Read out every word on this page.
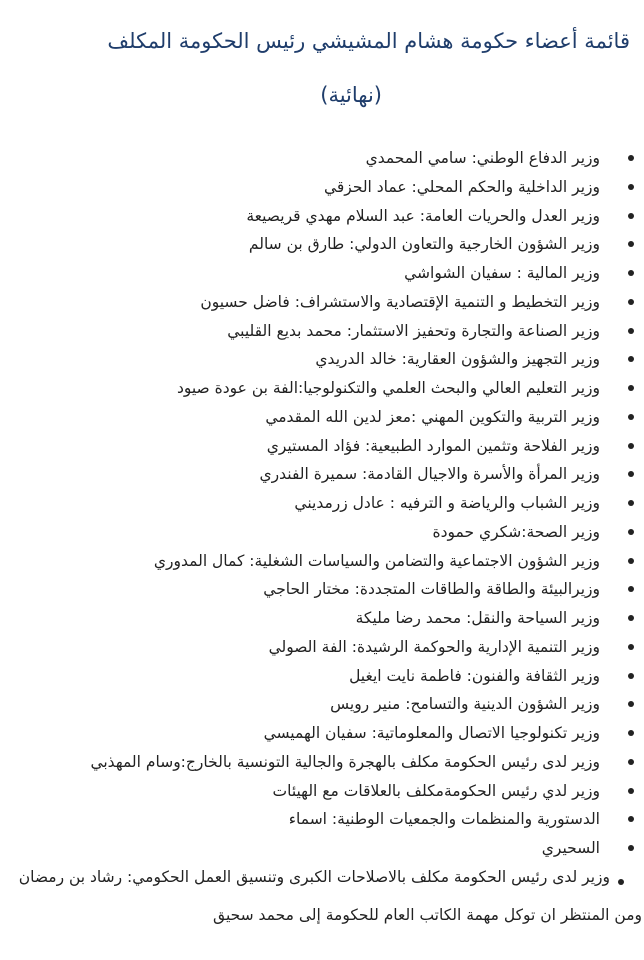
قائمة أعضاء حكومة هشام المشيشي رئيس الحكومة المكلف
(نهائية)
وزير الدفاع الوطني: سامي المحمدي
وزير الداخلية والحكم المحلي: عماد الحزقي
وزير العدل والحريات العامة: عبد السلام مهدي قريصيعة
وزير الشؤون الخارجية والتعاون الدولي: طارق بن سالم
وزير المالية : سفيان الشواشي
وزير التخطيط و التنمية الإقتصادية والاستشراف: فاضل حسيون
وزير الصناعة والتجارة وتحفيز الاستثمار: محمد بديع القليبي
وزير التجهيز والشؤون العقارية: خالد الدريدي
وزير التعليم العالي والبحث العلمي والتكنولوجيا:الفة بن عودة صيود
وزير التربية والتكوين المهني :معز لدين الله المقدمي
وزير الفلاحة وتثمين الموارد الطبيعية: فؤاد المستيري
وزير المرأة والأسرة والاجيال القادمة: سميرة الفندري
وزير الشباب والرياضة و الترفيه : عادل زرمديني
وزير الصحة:شكري حمودة
وزير الشؤون الاجتماعية والتضامن والسياسات الشغلية: كمال المدوري
وزيرالبيئة والطاقة والطاقات المتجددة: مختار الحاجي
وزير السياحة والنقل: محمد رضا مليكة
وزير التنمية الإدارية والحوكمة الرشيدة: الفة الصولي
وزير الثقافة والفنون: فاطمة نايت ايغيل
وزير الشؤون الدينية والتسامح: منير رويس
وزير تكنولوجيا الاتصال والمعلوماتية: سفيان الهميسي
وزير لدى رئيس الحكومة مكلف بالهجرة والجالية التونسية بالخارج:وسام المهذبي
وزير لدي رئيس الحكومةمكلف بالعلاقات مع الهيئات
الدستورية والمنظمات والجمعيات الوطنية: اسماء
السحيري
وزير لدى رئيس الحكومة مكلف بالاصلاحات الكبرى وتنسيق العمل الحكومي: رشاد بن رمضان
ومن المنتظر ان توكل مهمة الكاتب العام للحكومة إلى محمد سحيق
